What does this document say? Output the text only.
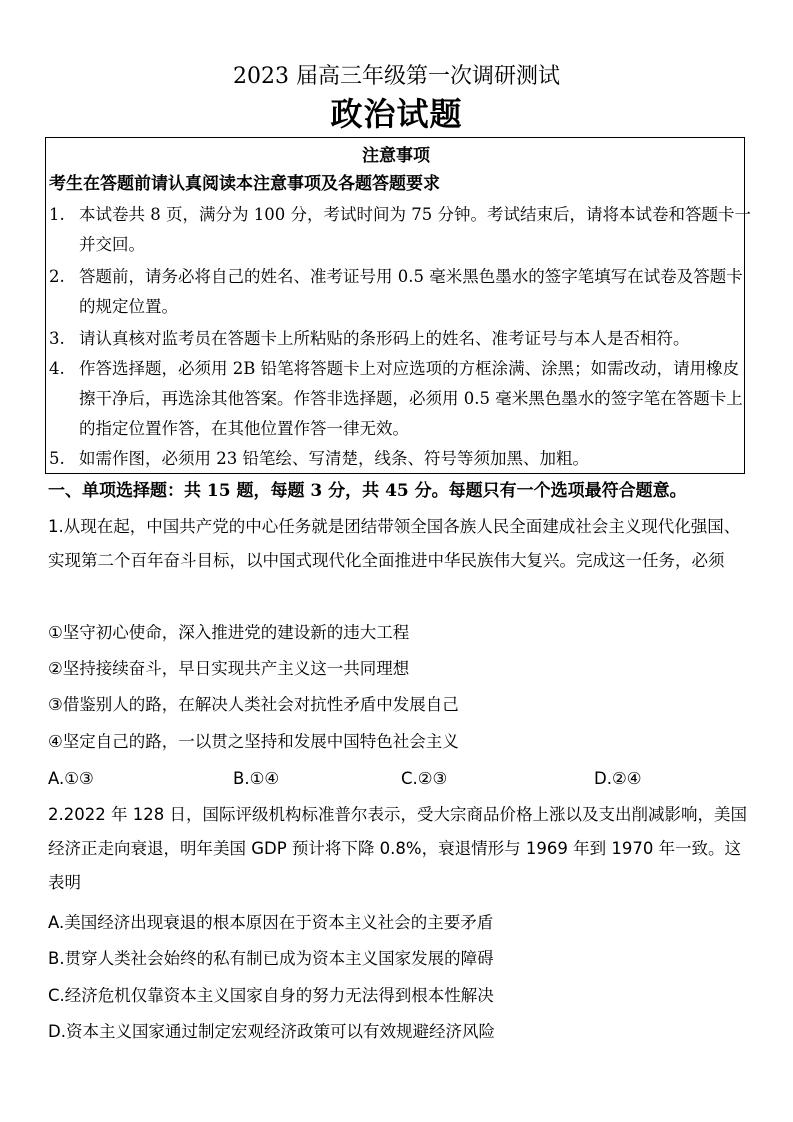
2023 届高三年级第一次调研测试
政治试题
注意事项
考生在答题前请认真阅读本注意事项及各题答题要求
1. 本试卷共 8 页，满分为 100 分，考试时间为 75 分钟。考试结束后，请将本试卷和答题卡一并交回。
2. 答题前，请务必将自己的姓名、准考证号用 0.5 毫米黑色墨水的签字笔填写在试卷及答题卡的规定位置。
3. 请认真核对监考员在答题卡上所粘贴的条形码上的姓名、准考证号与本人是否相符。
4. 作答选择题，必须用 2B 铅笔将答题卡上对应选项的方框涂满、涂黑；如需改动，请用橡皮擦干净后，再选涂其他答案。作答非选择题，必须用 0.5 毫米黑色墨水的签字笔在答题卡上的指定位置作答，在其他位置作答一律无效。
5. 如需作图，必须用 23 铅笔绘、写清楚，线条、符号等须加黑、加粗。
一、单项选择题：共 15 题，每题 3 分，共 45 分。每题只有一个选项最符合题意。
1.从现在起，中国共产党的中心任务就是团结带领全国各族人民全面建成社会主义现代化强国、实现第二个百年奋斗目标，以中国式现代化全面推进中华民族伟大复兴。完成这一任务，必须
①坚守初心使命，深入推进党的建设新的违大工程
②坚持接续奋斗，早日实现共产主义这一共同理想
③借鉴别人的路，在解决人类社会对抗性矛盾中发展自己
④坚定自己的路，一以贯之坚持和发展中国特色社会主义
A.①③	B.①④	C.②③	D.②④
2.2022 年 128 日，国际评级机构标准普尔表示，受大宗商品价格上涨以及支出削减影响，美国经济正走向衰退，明年美国 GDP 预计将下降 0.8%，衰退情形与 1969 年到 1970 年一致。这表明
A.美国经济出现衰退的根本原因在于资本主义社会的主要矛盾
B.贯穿人类社会始终的私有制已成为资本主义国家发展的障碍
C.经济危机仅靠资本主义国家自身的努力无法得到根本性解决
D.资本主义国家通过制定宏观经济政策可以有效规避经济风险
